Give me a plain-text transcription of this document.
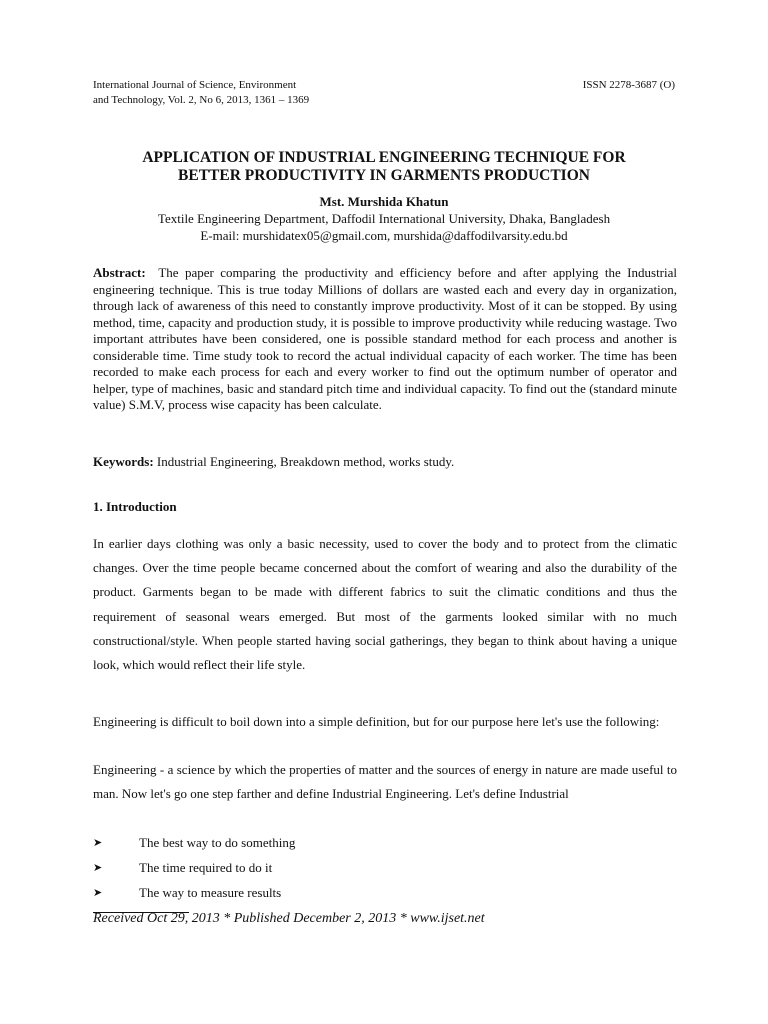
International Journal of Science, Environment
and Technology, Vol. 2, No 6, 2013, 1361 – 1369
ISSN 2278-3687 (O)
APPLICATION OF INDUSTRIAL ENGINEERING TECHNIQUE FOR
BETTER PRODUCTIVITY IN GARMENTS PRODUCTION
Mst. Murshida Khatun
Textile Engineering Department, Daffodil International University, Dhaka, Bangladesh
E-mail: murshidatex05@gmail.com, murshida@daffodilvarsity.edu.bd
Abstract: The paper comparing the productivity and efficiency before and after applying the Industrial engineering technique. This is true today Millions of dollars are wasted each and every day in organization, through lack of awareness of this need to constantly improve productivity. Most of it can be stopped. By using method, time, capacity and production study, it is possible to improve productivity while reducing wastage. Two important attributes have been considered, one is possible standard method for each process and another is considerable time. Time study took to record the actual individual capacity of each worker. The time has been recorded to make each process for each and every worker to find out the optimum number of operator and helper, type of machines, basic and standard pitch time and individual capacity. To find out the (standard minute value) S.M.V, process wise capacity has been calculate.
Keywords: Industrial Engineering, Breakdown method, works study.
1. Introduction
In earlier days clothing was only a basic necessity, used to cover the body and to protect from the climatic changes. Over the time people became concerned about the comfort of wearing and also the durability of the product. Garments began to be made with different fabrics to suit the climatic conditions and thus the requirement of seasonal wears emerged. But most of the garments looked similar with no much constructional/style. When people started having social gatherings, they began to think about having a unique look, which would reflect their life style.
Engineering is difficult to boil down into a simple definition, but for our purpose here let's use the following:
Engineering - a science by which the properties of matter and the sources of energy in nature are made useful to man. Now let's go one step farther and define Industrial Engineering. Let's define Industrial
➤	The best way to do something
➤	The time required to do it
➤	The way to measure results
Received Oct 29, 2013 * Published December 2, 2013 * www.ijset.net
